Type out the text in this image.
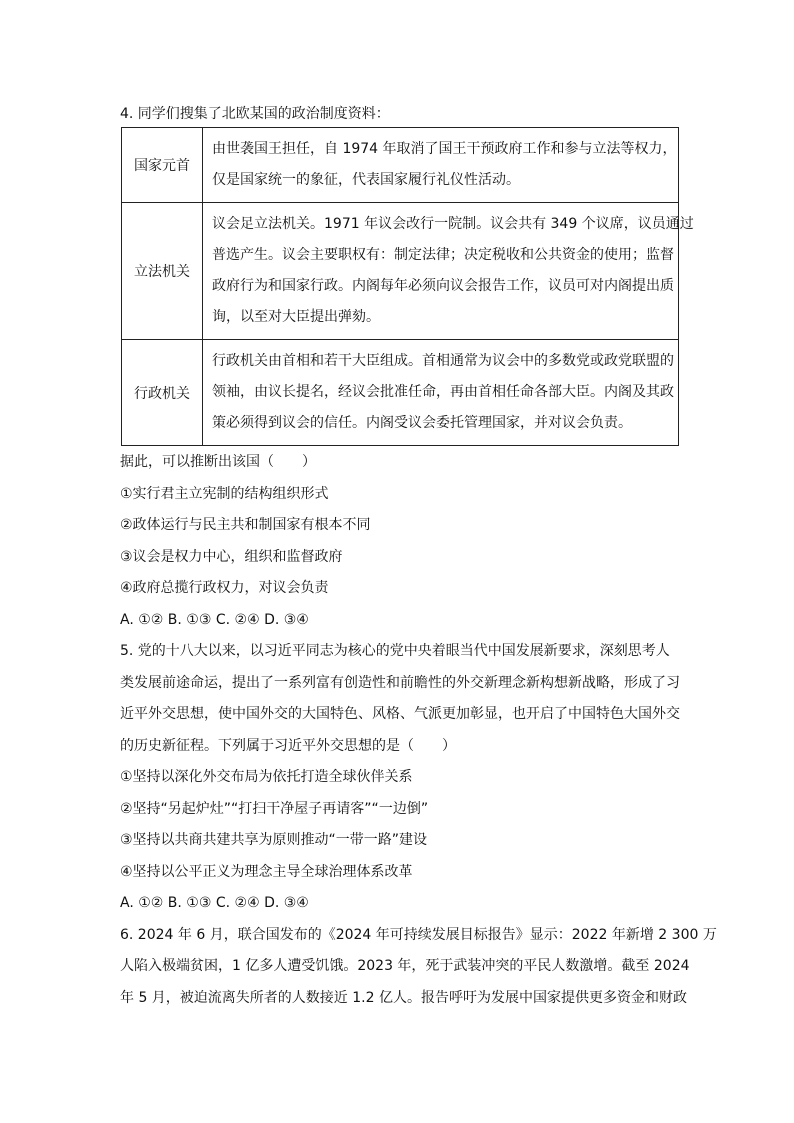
4. 同学们搜集了北欧某国的政治制度资料：
国家元首	由世袭国王担任，自 1974 年取消了国王干预政府工作和参与立法等权力，
仅是国家统一的象征，代表国家履行礼仪性活动。

立法机关	议会足立法机关。1971 年议会改行一院制。议会共有 349 个议席，议员通过
普选产生。议会主要职权有：制定法律；决定税收和公共资金的使用；监督
政府行为和国家行政。内阁每年必须向议会报告工作，议员可对内阁提出质
询，以至对大臣提出弹劾。

行政机关	行政机关由首相和若干大臣组成。首相通常为议会中的多数党或政党联盟的
领袖，由议长提名，经议会批准任命，再由首相任命各部大臣。内阁及其政
策必须得到议会的信任。内阁受议会委托管理国家，并对议会负责。
据此，可以推断出该国（　　）
①实行君主立宪制的结构组织形式
②政体运行与民主共和制国家有根本不同
③议会是权力中心，组织和监督政府
④政府总揽行政权力，对议会负责
A. ①② B. ①③ C. ②④ D. ③④
5. 党的十八大以来，以习近平同志为核心的党中央着眼当代中国发展新要求，深刻思考人
类发展前途命运，提出了一系列富有创造性和前瞻性的外交新理念新构想新战略，形成了习
近平外交思想，使中国外交的大国特色、风格、气派更加彰显，也开启了中国特色大国外交
的历史新征程。下列属于习近平外交思想的是（　　）
①坚持以深化外交布局为依托打造全球伙伴关系
②坚持“另起炉灶”“打扫干净屋子再请客”“一边倒”
③坚持以共商共建共享为原则推动“一带一路”建设
④坚持以公平正义为理念主导全球治理体系改革
A. ①② B. ①③ C. ②④ D. ③④
6. 2024 年 6 月，联合国发布的《2024 年可持续发展目标报告》显示：2022 年新增 2 300 万
人陷入极端贫困，1 亿多人遭受饥饿。2023 年，死于武装冲突的平民人数激增。截至 2024
年 5 月，被迫流离失所者的人数接近 1.2 亿人。报告呼吁为发展中国家提供更多资金和财政
